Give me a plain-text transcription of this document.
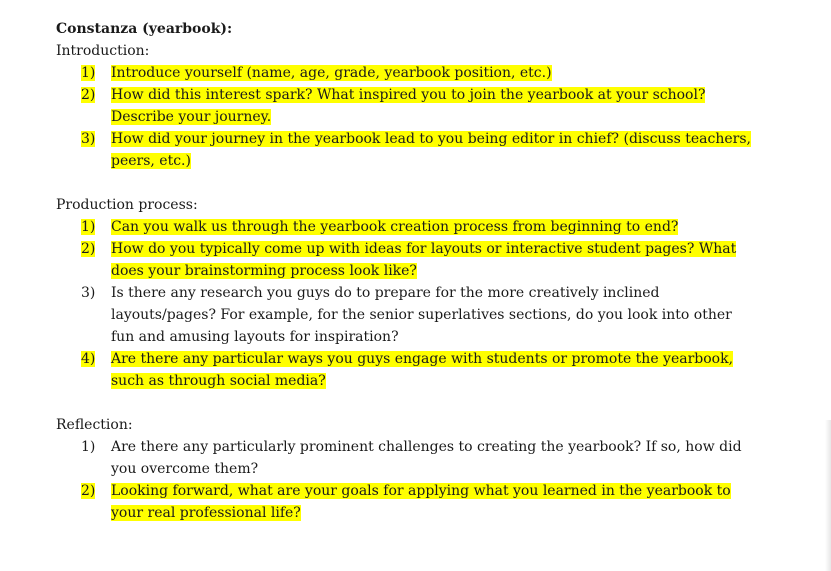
Constanza (yearbook):
Introduction:
1)	Introduce yourself (name, age, grade, yearbook position, etc.)
2)	How did this interest spark? What inspired you to join the yearbook at your school? Describe your journey.
3)	How did your journey in the yearbook lead to you being editor in chief? (discuss teachers, peers, etc.)
Production process:
1)	Can you walk us through the yearbook creation process from beginning to end?
2)	How do you typically come up with ideas for layouts or interactive student pages? What does your brainstorming process look like?
3)	Is there any research you guys do to prepare for the more creatively inclined layouts/pages? For example, for the senior superlatives sections, do you look into other fun and amusing layouts for inspiration?
4)	Are there any particular ways you guys engage with students or promote the yearbook, such as through social media?
Reflection:
1)	Are there any particularly prominent challenges to creating the yearbook? If so, how did you overcome them?
2)	Looking forward, what are your goals for applying what you learned in the yearbook to your real professional life?
